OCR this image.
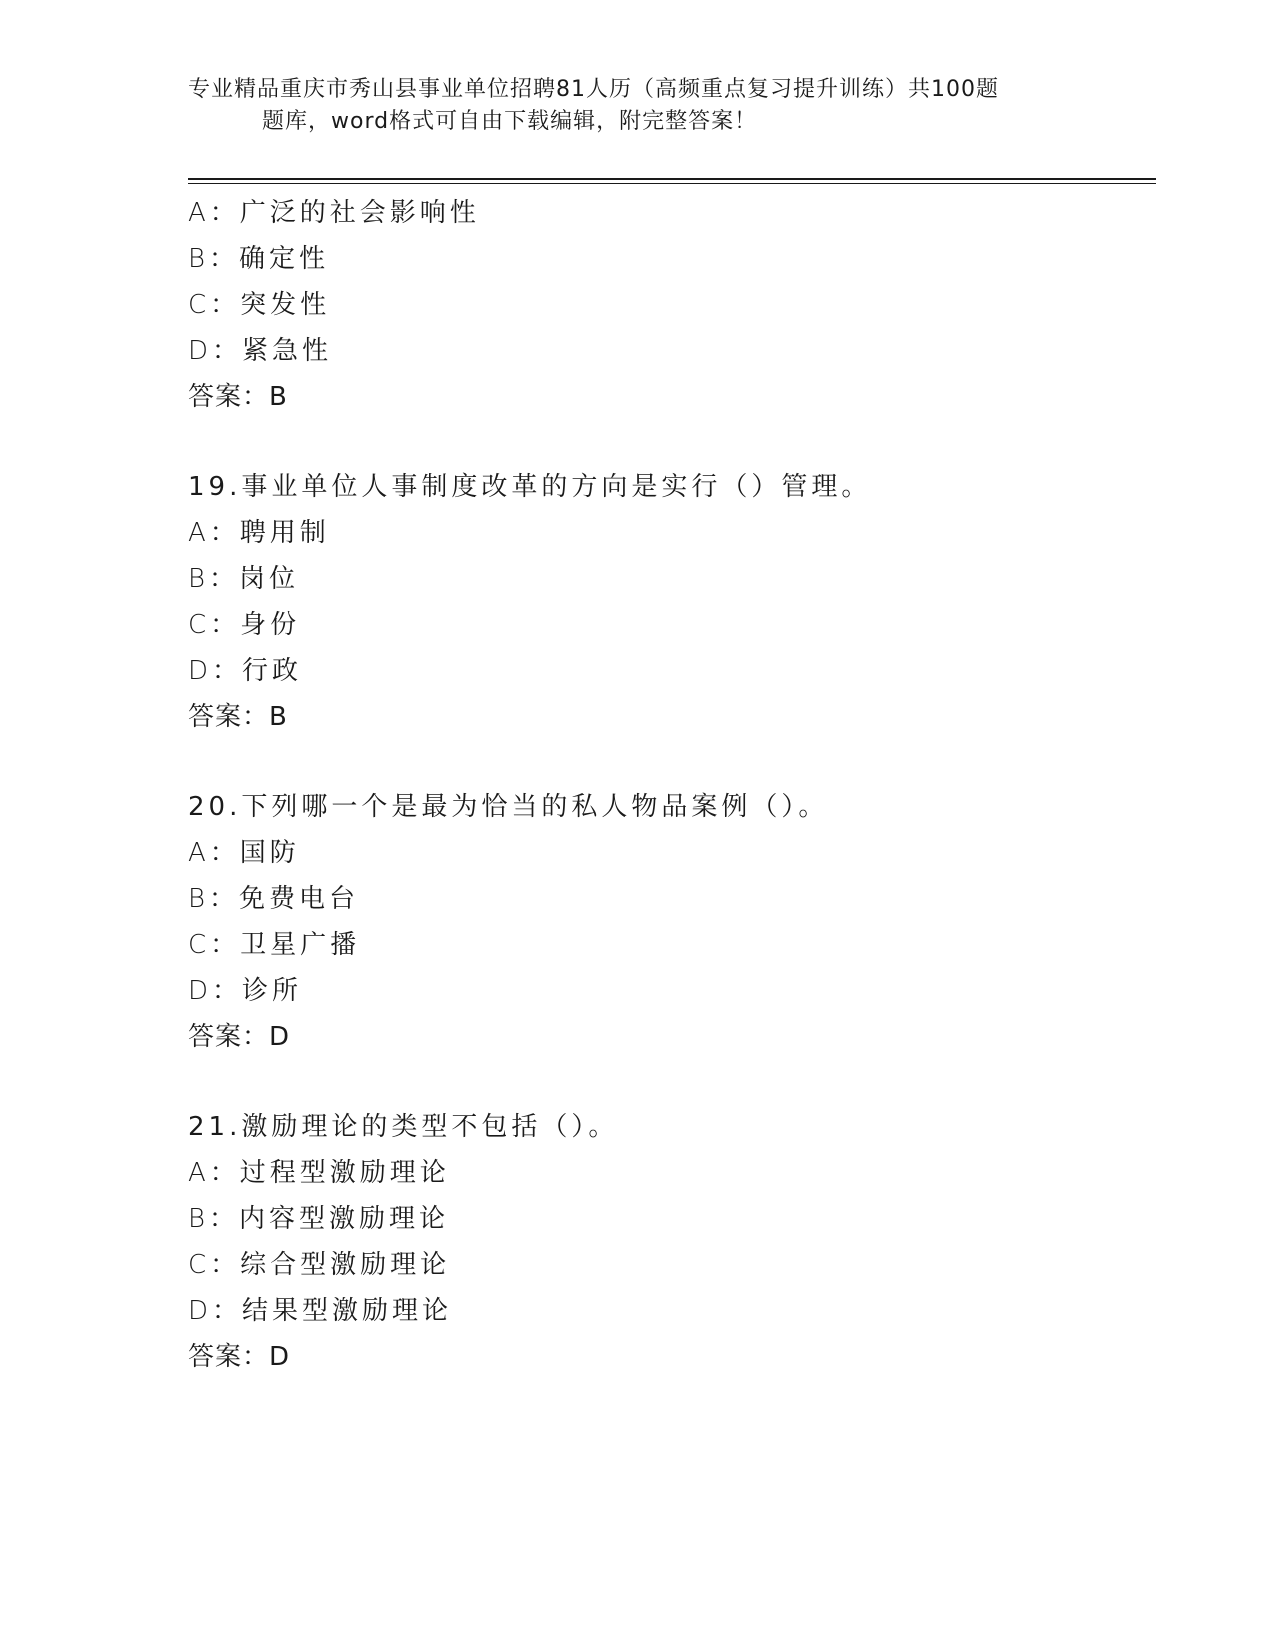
专业精品重庆市秀山县事业单位招聘81人历（高频重点复习提升训练）共100题
题库，word格式可自由下载编辑，附完整答案！
A：广泛的社会影响性
B：确定性
C：突发性
D：紧急性
答案：B
19.事业单位人事制度改革的方向是实行（）管理。
A：聘用制
B：岗位
C：身份
D：行政
答案：B
20.下列哪一个是最为恰当的私人物品案例（）。
A：国防
B：免费电台
C：卫星广播
D：诊所
答案：D
21.激励理论的类型不包括（）。
A：过程型激励理论
B：内容型激励理论
C：综合型激励理论
D：结果型激励理论
答案：D
